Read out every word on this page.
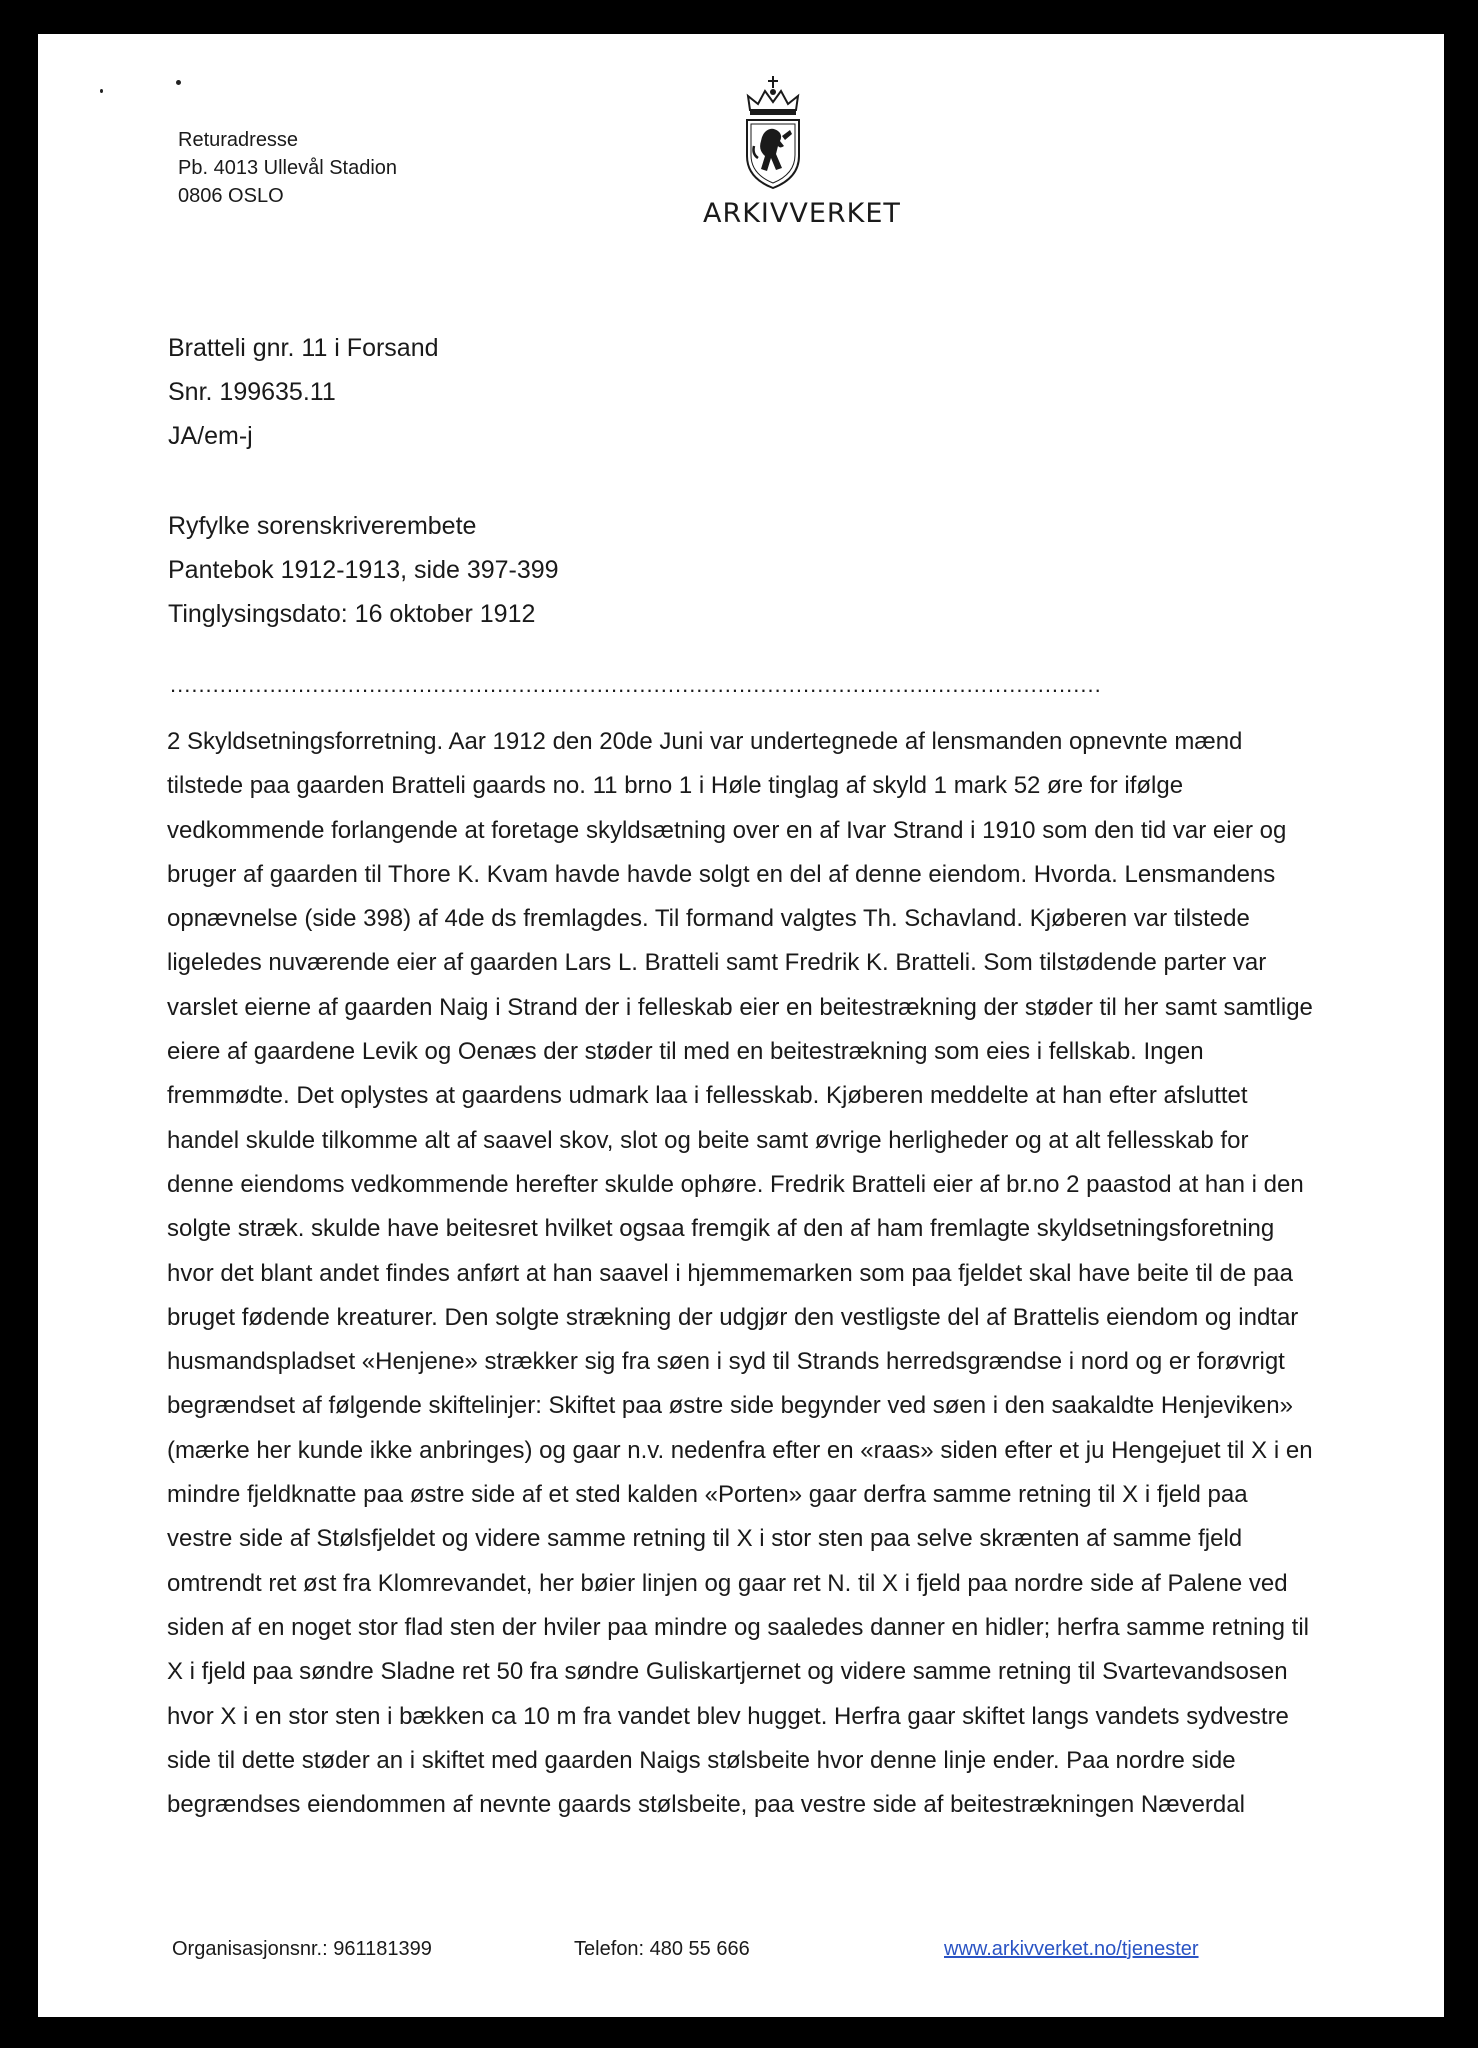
Returadresse
Pb. 4013 Ullevål Stadion
0806 OSLO
ARKIVVERKET
Bratteli gnr. 11 i Forsand
Snr. 199635.11
JA/em-j
Ryfylke sorenskriverembete
Pantebok 1912-1913, side 397-399
Tinglysingsdato: 16 oktober 1912
...................................................................................................................................
2 Skyldsetningsforretning. Aar 1912 den 20de Juni var undertegnede af lensmanden opnevnte mænd
tilstede paa gaarden Bratteli gaards no. 11 brno 1 i Høle tinglag af skyld 1 mark 52 øre for ifølge
vedkommende forlangende at foretage skyldsætning over en af Ivar Strand i 1910 som den tid var eier og
bruger af gaarden til Thore K. Kvam havde havde solgt en del af denne eiendom. Hvorda. Lensmandens
opnævnelse (side 398) af 4de ds fremlagdes. Til formand valgtes Th. Schavland. Kjøberen var tilstede
ligeledes nuværende eier af gaarden Lars L. Bratteli samt Fredrik K. Bratteli. Som tilstødende parter var
varslet eierne af gaarden Naig i Strand der i felleskab eier en beitestrækning der støder til her samt samtlige
eiere af gaardene Levik og Oenæs der støder til med en beitestrækning som eies i fellskab. Ingen
fremmødte. Det oplystes at gaardens udmark laa i fellesskab. Kjøberen meddelte at han efter afsluttet
handel skulde tilkomme alt af saavel skov, slot og beite samt øvrige herligheder og at alt fellesskab for
denne eiendoms vedkommende herefter skulde ophøre. Fredrik Bratteli eier af br.no 2 paastod at han i den
solgte stræk. skulde have beitesret hvilket ogsaa fremgik af den af ham fremlagte skyldsetningsforetning
hvor det blant andet findes anført at han saavel i hjemmemarken som paa fjeldet skal have beite til de paa
bruget fødende kreaturer. Den solgte strækning der udgjør den vestligste del af Brattelis eiendom og indtar
husmandspladset «Henjene» strækker sig fra søen i syd til Strands herredsgrændse i nord og er forøvrigt
begrændset af følgende skiftelinjer: Skiftet paa østre side begynder ved søen i den saakaldte Henjeviken»
(mærke her kunde ikke anbringes) og gaar n.v. nedenfra efter en «raas» siden efter et ju Hengejuet til X i en
mindre fjeldknatte paa østre side af et sted kalden «Porten» gaar derfra samme retning til X i fjeld paa
vestre side af Stølsfjeldet og videre samme retning til X i stor sten paa selve skrænten af samme fjeld
omtrendt ret øst fra Klomrevandet, her bøier linjen og gaar ret N. til X i fjeld paa nordre side af Palene ved
siden af en noget stor flad sten der hviler paa mindre og saaledes danner en hidler; herfra samme retning til
X i fjeld paa søndre Sladne ret 50 fra søndre Guliskartjernet og videre samme retning til Svartevandsosen
hvor X i en stor sten i bækken ca 10 m fra vandet blev hugget. Herfra gaar skiftet langs vandets sydvestre
side til dette støder an i skiftet med gaarden Naigs stølsbeite hvor denne linje ender. Paa nordre side
begrændses eiendommen af nevnte gaards stølsbeite, paa vestre side af beitestrækningen Næverdal
Organisasjonsnr.: 961181399	Telefon: 480 55 666	www.arkivverket.no/tjenester
